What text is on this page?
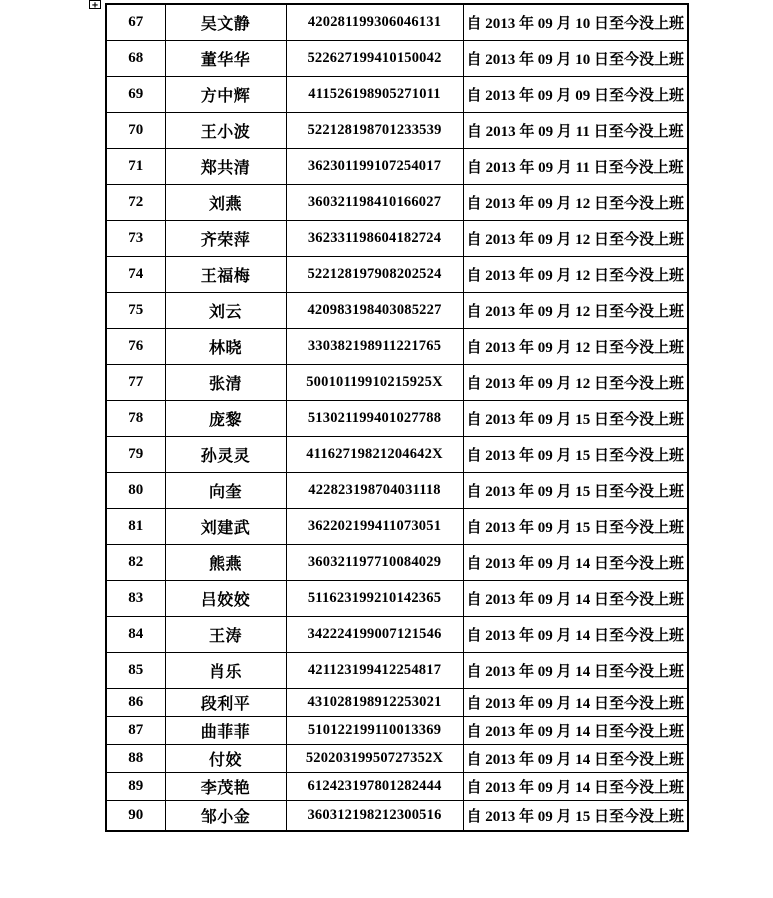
+
67	吴文静	420281199306046131	自 2013 年 09 月 10 日至今没上班
68	董华华	522627199410150042	自 2013 年 09 月 10 日至今没上班
69	方中辉	411526198905271011	自 2013 年 09 月 09 日至今没上班
70	王小波	522128198701233539	自 2013 年 09 月 11 日至今没上班
71	郑共清	362301199107254017	自 2013 年 09 月 11 日至今没上班
72	刘燕	360321198410166027	自 2013 年 09 月 12 日至今没上班
73	齐荣萍	362331198604182724	自 2013 年 09 月 12 日至今没上班
74	王福梅	522128197908202524	自 2013 年 09 月 12 日至今没上班
75	刘云	420983198403085227	自 2013 年 09 月 12 日至今没上班
76	林晓	330382198911221765	自 2013 年 09 月 12 日至今没上班
77	张清	50010119910215925X	自 2013 年 09 月 12 日至今没上班
78	庞黎	513021199401027788	自 2013 年 09 月 15 日至今没上班
79	孙灵灵	41162719821204642X	自 2013 年 09 月 15 日至今没上班
80	向奎	422823198704031118	自 2013 年 09 月 15 日至今没上班
81	刘建武	362202199411073051	自 2013 年 09 月 15 日至今没上班
82	熊燕	360321197710084029	自 2013 年 09 月 14 日至今没上班
83	吕姣姣	511623199210142365	自 2013 年 09 月 14 日至今没上班
84	王涛	342224199007121546	自 2013 年 09 月 14 日至今没上班
85	肖乐	421123199412254817	自 2013 年 09 月 14 日至今没上班
86	段利平	431028198912253021	自 2013 年 09 月 14 日至今没上班
87	曲菲菲	510122199110013369	自 2013 年 09 月 14 日至今没上班
88	付姣	52020319950727352X	自 2013 年 09 月 14 日至今没上班
89	李茂艳	612423197801282444	自 2013 年 09 月 14 日至今没上班
90	邹小金	360312198212300516	自 2013 年 09 月 15 日至今没上班
